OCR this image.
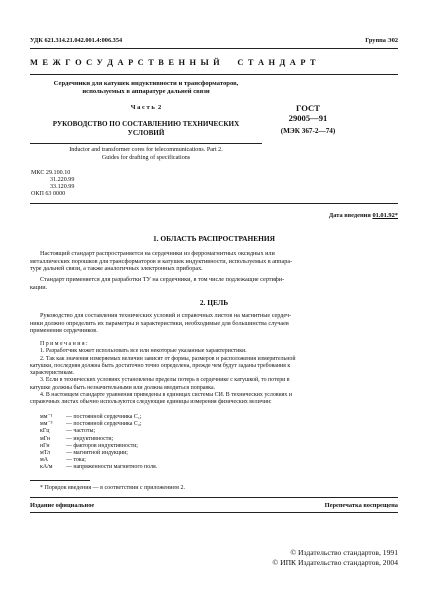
УДК 621.314.21.042.001.4:006.354	Группа Э02
М Е Ж Г О С У Д А Р С Т В Е Н Н Ы Й     С Т А Н Д А Р Т
Сердечники для катушек индуктивности и трансформаторов,
используемых в аппаратуре дальней связи
Ч а с т ь  2
РУКОВОДСТВО ПО СОСТАВЛЕНИЮ ТЕХНИЧЕСКИХ
УСЛОВИЙ
Inductor and transformer cores for telecommunications. Part 2.
Guides for drafting of specifications
ГОСТ
29005—91
(МЭК 367-2—74)
МКС 29.100.10
31.220.99
33.120.99
ОКП 63 0000
Дата введения 01.01.92*
1. ОБЛАСТЬ РАСПРОСТРАНЕНИЯ
Настоящий стандарт распространяется на сердечники из ферромагнитных оксидных или
металлических порошков для трансформаторов и катушек индуктивности, используемых в аппара-
туре дальней связи, а также аналогичных электронных приборах.
Стандарт применяется для разработки ТУ на сердечники, в том числе подлежащие сертифи-
кации.
2. ЦЕЛЬ
Руководство для составления технических условий и справочных листов на магнитные сердеч-
ники должно определить их параметры и характеристики, необходимые для большинства случаев
применения сердечников.
П р и м е ч а н и я :
1. Разработчик может использовать все или некоторые указанные характеристики.
2. Так как значения измеряемых величин зависят от формы, размеров и расположения измерительной
катушки, последняя должна быть достаточно точно определена, прежде чем будут заданы требования к
характеристикам.
3. Если в технических условиях установлены пределы потерь в сердечнике с катушкой, то потери в
катушке должны быть незначительными или должна вводиться поправка.
4. В настоящем стандарте уравнения приведены в единицах системы СИ. В технических условиях и
справочных листах обычно используются следующие единицы измерения физических величин:
мм⁻¹ — постоянной сердечника C₁;
мм⁻³ — постоянной сердечника C₂;
кГц	— частоты;
мГн	— индуктивности;
нГн	— факторов индуктивности;
мТл	— магнитной индукции;
мА	— тока;
кА/м — напряженности магнитного поля.
* Порядок введения — в соответствии с приложением 2.
Издание официальное	Перепечатка воспрещена
© Издательство стандартов, 1991
© ИПК Издательство стандартов, 2004
